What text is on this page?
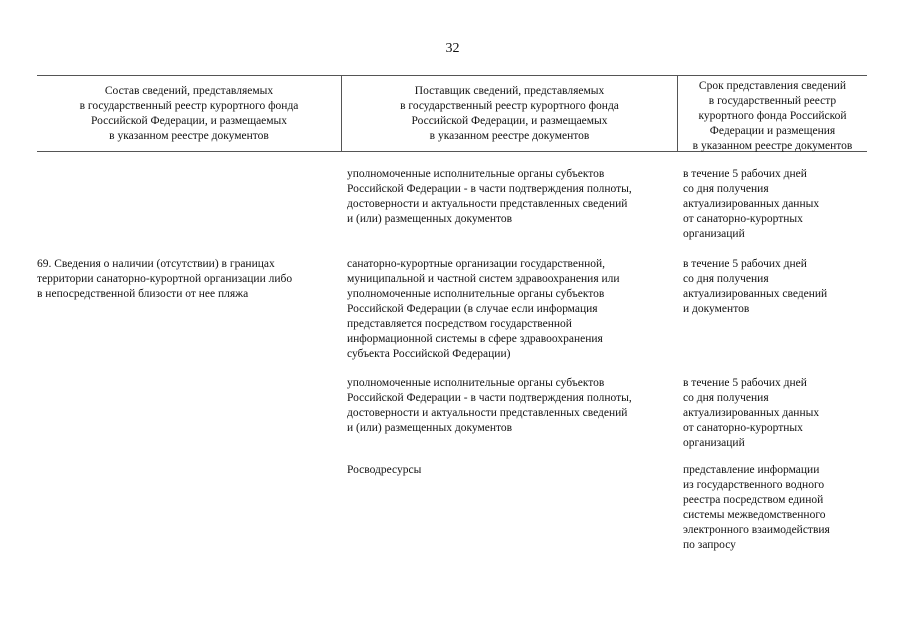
32
Состав сведений, представляемых
в государственный реестр курортного фонда
Российской Федерации, и размещаемых
в указанном реестре документов
Поставщик сведений, представляемых
в государственный реестр курортного фонда
Российской Федерации, и размещаемых
в указанном реестре документов
Срок представления сведений
в государственный реестр
курортного фонда Российской
Федерации и размещения
в указанном реестре документов
69. Сведения о наличии (отсутствии) в границах
территории санаторно-курортной организации либо
в непосредственной близости от нее пляжа
уполномоченные исполнительные органы субъектов
Российской Федерации - в части подтверждения полноты,
достоверности и актуальности представленных сведений
и (или) размещенных документов
в течение 5 рабочих дней
со дня получения
актуализированных данных
от санаторно-курортных
организаций
санаторно-курортные организации государственной,
муниципальной и частной систем здравоохранения или
уполномоченные исполнительные органы субъектов
Российской Федерации (в случае если информация
представляется посредством государственной
информационной системы в сфере здравоохранения
субъекта Российской Федерации)
в течение 5 рабочих дней
со дня получения
актуализированных сведений
и документов
уполномоченные исполнительные органы субъектов
Российской Федерации - в части подтверждения полноты,
достоверности и актуальности представленных сведений
и (или) размещенных документов
в течение 5 рабочих дней
со дня получения
актуализированных данных
от санаторно-курортных
организаций
Росводресурсы	представление информации
из государственного водного
реестра посредством единой
системы межведомственного
электронного взаимодействия
по запросу
